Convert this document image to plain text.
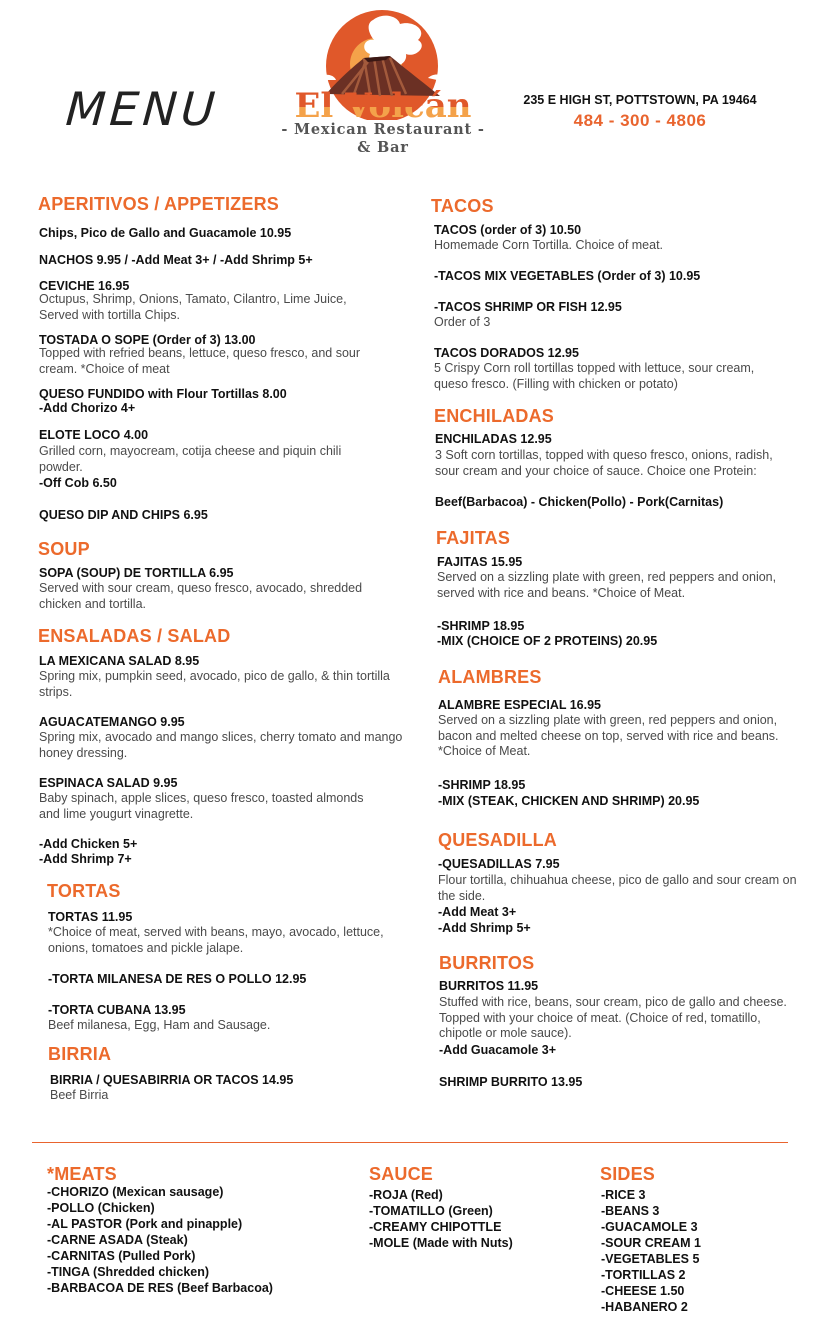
MENU	El Volcán
- Mexican Restaurant -
& Bar
235 E HIGH ST, POTTSTOWN, PA 19464
484 - 300 - 4806
APERITIVOS / APPETIZERS
Chips, Pico de Gallo and Guacamole 10.95
NACHOS 9.95 / -Add Meat 3+ / -Add Shrimp 5+
CEVICHE 16.95
Octupus, Shrimp, Onions, Tamato, Cilantro, Lime Juice, Served with tortilla Chips.
TOSTADA O SOPE (Order of 3) 13.00
Topped with refried beans, lettuce, queso fresco, and sour cream. *Choice of meat
QUESO FUNDIDO with Flour Tortillas 8.00
-Add Chorizo 4+
ELOTE LOCO 4.00
Grilled corn, mayocream, cotija cheese and piquin chili powder.
-Off Cob 6.50
QUESO DIP AND CHIPS 6.95
SOUP
SOPA (SOUP) DE TORTILLA 6.95
Served with sour cream, queso fresco, avocado, shredded chicken and tortilla.
ENSALADAS / SALAD
LA MEXICANA SALAD 8.95
Spring mix, pumpkin seed, avocado, pico de gallo, & thin tortilla strips.
AGUACATEMANGO 9.95
Spring mix, avocado and mango slices, cherry tomato and mango honey dressing.
ESPINACA SALAD 9.95
Baby spinach, apple slices, queso fresco, toasted almonds and lime yougurt vinagrette.
-Add Chicken 5+
-Add Shrimp 7+
TORTAS
TORTAS 11.95
*Choice of meat, served with beans, mayo, avocado, lettuce, onions, tomatoes and pickle jalape.
-TORTA MILANESA DE RES O POLLO 12.95
-TORTA CUBANA 13.95
Beef milanesa, Egg, Ham and Sausage.
BIRRIA
BIRRIA / QUESABIRRIA OR TACOS 14.95
Beef Birria
TACOS
TACOS (order of 3) 10.50
Homemade Corn Tortilla. Choice of meat.
-TACOS MIX VEGETABLES (Order of 3) 10.95
-TACOS SHRIMP OR FISH 12.95
Order of 3
TACOS DORADOS 12.95
5 Crispy Corn roll tortillas topped with lettuce, sour cream, queso fresco. (Filling with chicken or potato)
ENCHILADAS
ENCHILADAS 12.95
3 Soft corn tortillas, topped with queso fresco, onions, radish, sour cream and your choice of sauce. Choice one Protein:
Beef(Barbacoa) - Chicken(Pollo) - Pork(Carnitas)
FAJITAS
FAJITAS 15.95
Served on a sizzling plate with green, red peppers and onion, served with rice and beans. *Choice of Meat.
-SHRIMP 18.95
-MIX (CHOICE OF 2 PROTEINS) 20.95
ALAMBRES
ALAMBRE ESPECIAL 16.95
Served on a sizzling plate with green, red peppers and onion, bacon and melted cheese on top, served with rice and beans. *Choice of Meat.
-SHRIMP 18.95
-MIX (STEAK, CHICKEN AND SHRIMP) 20.95
QUESADILLA
-QUESADILLAS 7.95
Flour tortilla, chihuahua cheese, pico de gallo and sour cream on the side.
-Add Meat 3+
-Add Shrimp 5+
BURRITOS
BURRITOS 11.95
Stuffed with rice, beans, sour cream, pico de gallo and cheese. Topped with your choice of meat. (Choice of red, tomatillo, chipotle or mole sauce).
-Add Guacamole 3+
SHRIMP BURRITO 13.95
*MEATS
-CHORIZO (Mexican sausage)
-POLLO (Chicken)
-AL PASTOR (Pork and pinapple)
-CARNE ASADA (Steak)
-CARNITAS (Pulled Pork)
-TINGA (Shredded chicken)
-BARBACOA DE RES (Beef Barbacoa)
SAUCE
-ROJA (Red)
-TOMATILLO (Green)
-CREAMY CHIPOTTLE
-MOLE (Made with Nuts)
SIDES
-RICE 3
-BEANS 3
-GUACAMOLE 3
-SOUR CREAM 1
-VEGETABLES 5
-TORTILLAS 2
-CHEESE 1.50
-HABANERO 2
